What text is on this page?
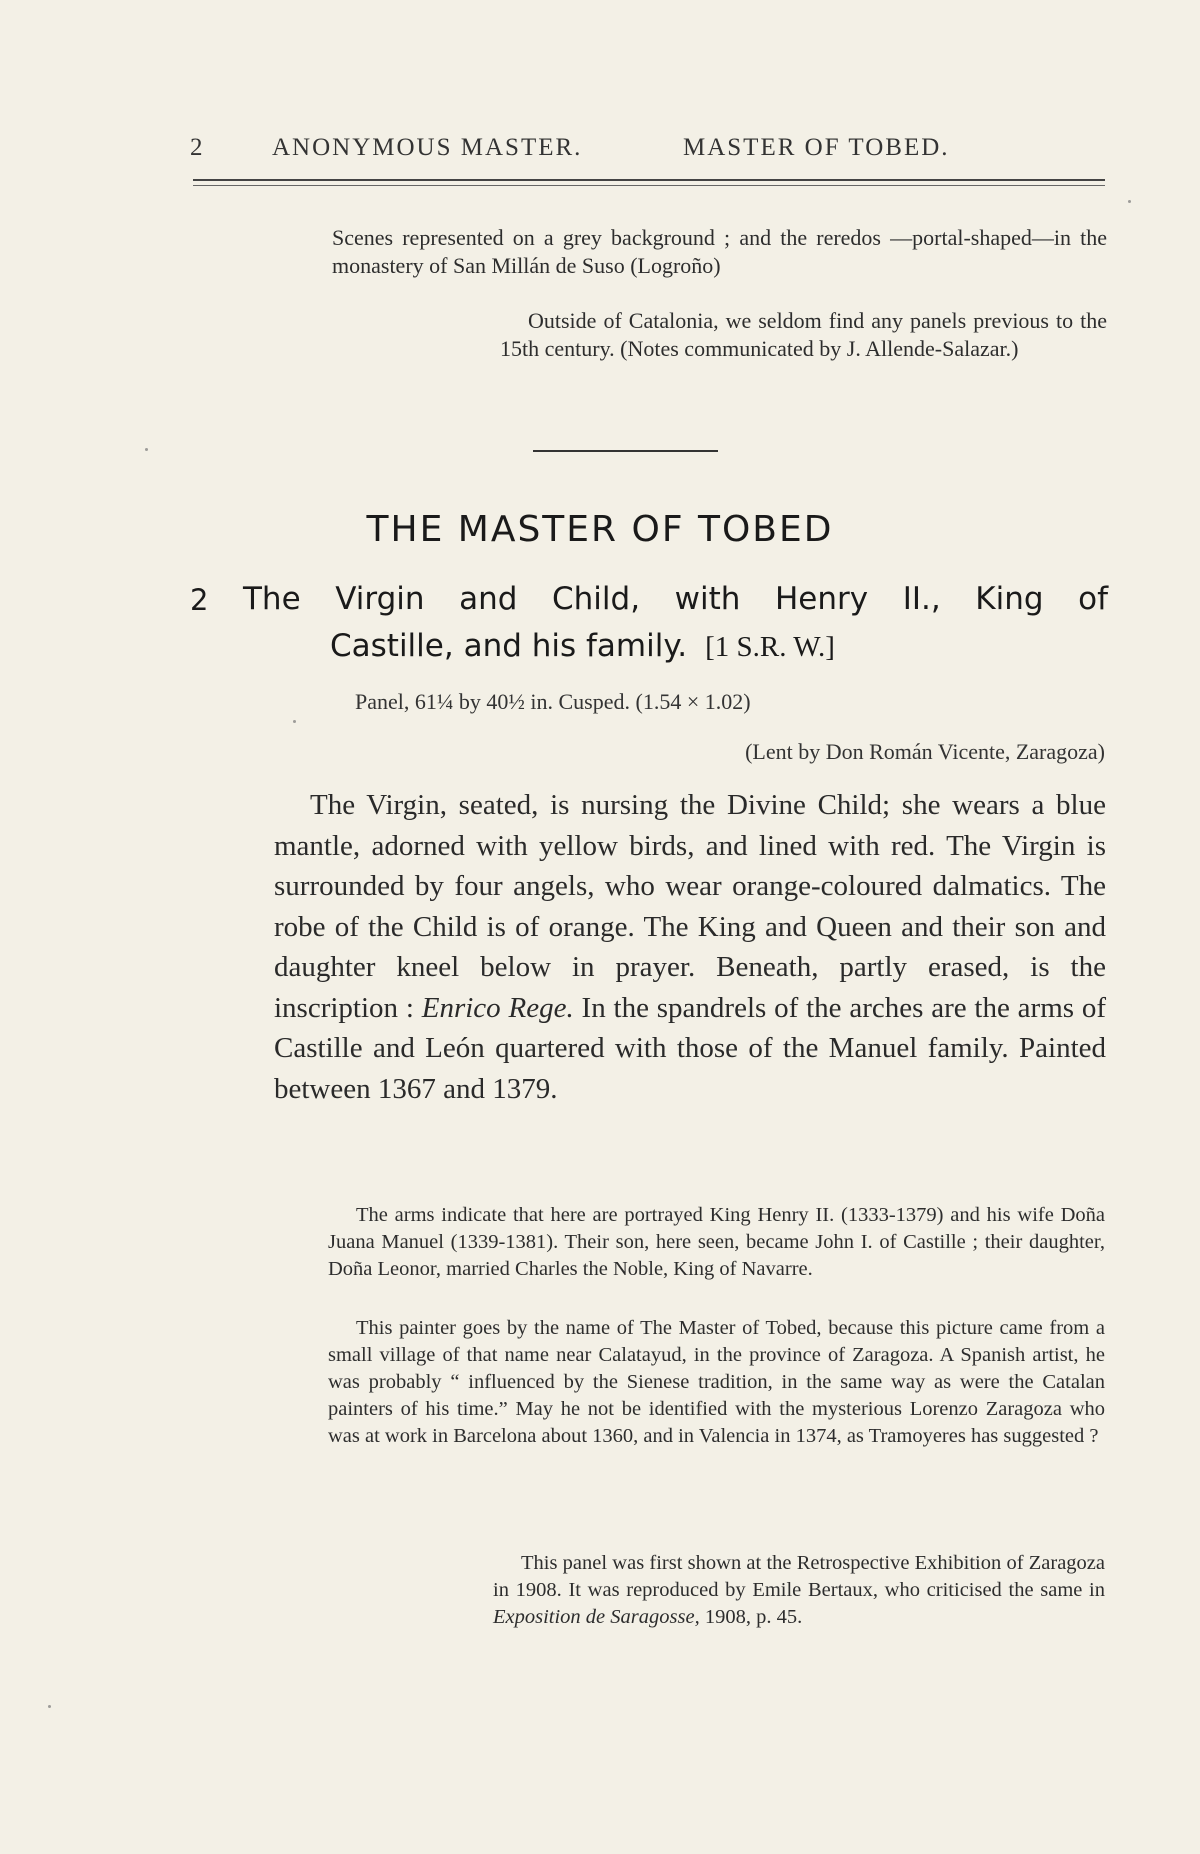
2	ANONYMOUS MASTER.	MASTER OF TOBED.

Scenes represented on a grey background ; and the reredos —portal-shaped—in the monastery of San Millán de Suso (Logroño)

Outside of Catalonia, we seldom find any panels previous to the 15th century. (Notes communicated by J. Allende-Salazar.)

THE MASTER OF TOBED
2 The Virgin and Child, with Henry II., King of
Castille, and his family. [1 S.R. W.]
Panel, 61¼ by 40½ in. Cusped. (1.54 × 1.02)
(Lent by Don Román Vicente, Zaragoza)

The Virgin, seated, is nursing the Divine Child; she wears a blue mantle, adorned with yellow birds, and lined with red. The Virgin is surrounded by four angels, who wear orange-coloured dalmatics. The robe of the Child is of orange. The King and Queen and their son and daughter kneel below in prayer. Beneath, partly erased, is the inscription : Enrico Rege. In the spandrels of the arches are the arms of Castille and León quartered with those of the Manuel family. Painted between 1367 and 1379.

The arms indicate that here are portrayed King Henry II. (1333-1379) and his wife Doña Juana Manuel (1339-1381). Their son, here seen, became John I. of Castille ; their daughter, Doña Leonor, married Charles the Noble, King of Navarre.

This painter goes by the name of The Master of Tobed, because this picture came from a small village of that name near Calatayud, in the province of Zaragoza. A Spanish artist, he was probably “ influenced by the Sienese tradition, in the same way as were the Catalan painters of his time.” May he not be identified with the mysterious Lorenzo Zaragoza who was at work in Barcelona about 1360, and in Valencia in 1374, as Tramoyeres has suggested ?

This panel was first shown at the Retrospective Exhibition of Zaragoza in 1908. It was reproduced by Emile Bertaux, who criticised the same in Exposition de Saragosse, 1908, p. 45.
